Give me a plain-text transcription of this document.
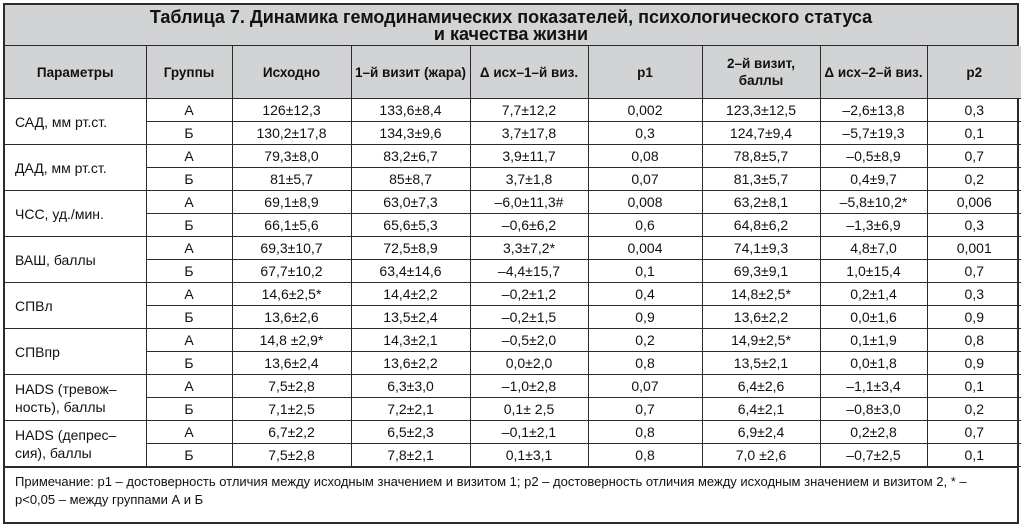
Таблица 7. Динамика гемодинамических показателей, психологического статуса
и качества жизни
Параметры	Группы	Исходно	1–й визит (жара)	Δ исх–1–й виз.	p1	2–й визит, баллы	Δ исх–2–й виз.	p2
САД, мм рт.ст.	А	126±12,3	133,6±8,4	7,7±12,2	0,002	123,3±12,5	–2,6±13,8	0,3
	Б	130,2±17,8	134,3±9,6	3,7±17,8	0,3	124,7±9,4	–5,7±19,3	0,1
ДАД, мм рт.ст.	А	79,3±8,0	83,2±6,7	3,9±11,7	0,08	78,8±5,7	–0,5±8,9	0,7
	Б	81±5,7	85±8,7	3,7±1,8	0,07	81,3±5,7	0,4±9,7	0,2
ЧСС, уд./мин.	А	69,1±8,9	63,0±7,3	–6,0±11,3#	0,008	63,2±8,1	–5,8±10,2*	0,006
	Б	66,1±5,6	65,6±5,3	–0,6±6,2	0,6	64,8±6,2	–1,3±6,9	0,3
ВАШ, баллы	А	69,3±10,7	72,5±8,9	3,3±7,2*	0,004	74,1±9,3	4,8±7,0	0,001
	Б	67,7±10,2	63,4±14,6	–4,4±15,7	0,1	69,3±9,1	1,0±15,4	0,7
СПВл	А	14,6±2,5*	14,4±2,2	–0,2±1,2	0,4	14,8±2,5*	0,2±1,4	0,3
	Б	13,6±2,6	13,5±2,4	–0,2±1,5	0,9	13,6±2,2	0,0±1,6	0,9
СПВпр	А	14,8 ±2,9*	14,3±2,1	–0,5±2,0	0,2	14,9±2,5*	0,1±1,9	0,8
	Б	13,6±2,4	13,6±2,2	0,0±2,0	0,8	13,5±2,1	0,0±1,8	0,9
HADS (тревож–ность), баллы	А	7,5±2,8	6,3±3,0	–1,0±2,8	0,07	6,4±2,6	–1,1±3,4	0,1
	Б	7,1±2,5	7,2±2,1	0,1± 2,5	0,7	6,4±2,1	–0,8±3,0	0,2
HADS (депрес–сия), баллы	А	6,7±2,2	6,5±2,3	–0,1±2,1	0,8	6,9±2,4	0,2±2,8	0,7
	Б	7,5±2,8	7,8±2,1	0,1±3,1	0,8	7,0 ±2,6	–0,7±2,5	0,1
Примечание: р1 – достоверность отличия между исходным значением и визитом 1; р2 – достоверность отличия между исходным значением и визитом 2, * – р<0,05 – между группами А и Б
